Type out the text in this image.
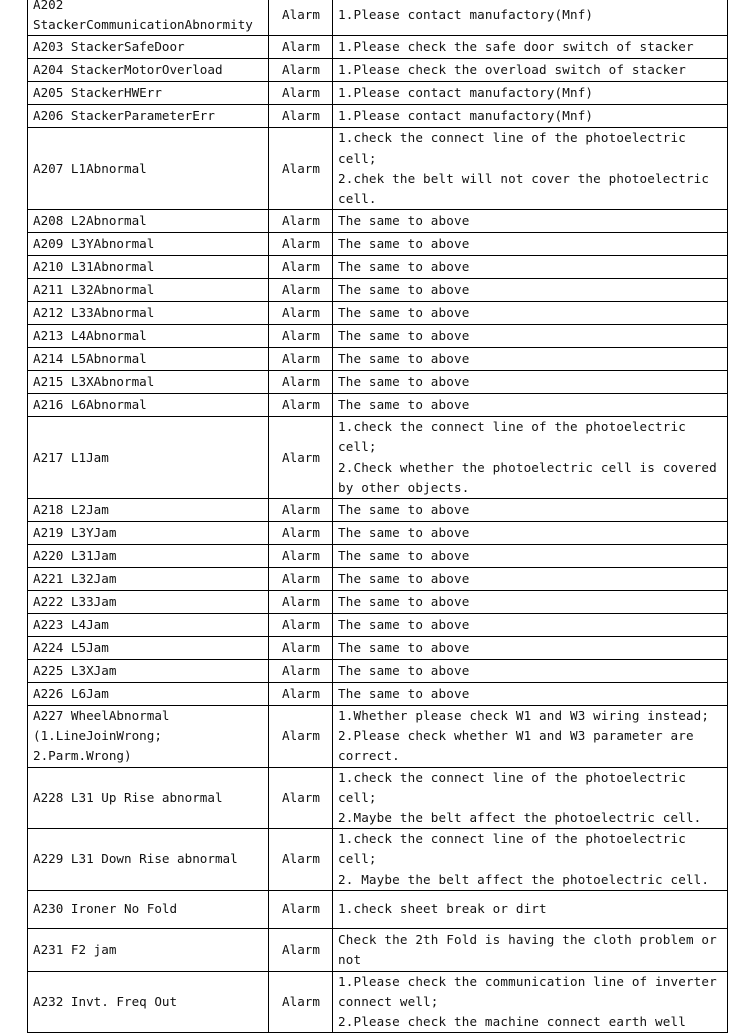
A202
StackerCommunicationAbnormity	Alarm	1.Please contact manufactory(Mnf)

A203 StackerSafeDoor	Alarm	1.Please check the safe door switch of stacker

A204 StackerMotorOverload	Alarm	1.Please check the overload switch of stacker

A205 StackerHWErr	Alarm	1.Please contact manufactory(Mnf)

A206 StackerParameterErr	Alarm	1.Please contact manufactory(Mnf)

A207 L1Abnormal	Alarm	1.check the connect line of the photoelectric
cell;
2.chek the belt will not cover the photoelectric
cell.

A208 L2Abnormal	Alarm	The same to above

A209 L3YAbnormal	Alarm	The same to above

A210 L31Abnormal	Alarm	The same to above

A211 L32Abnormal	Alarm	The same to above

A212 L33Abnormal	Alarm	The same to above

A213 L4Abnormal	Alarm	The same to above

A214 L5Abnormal	Alarm	The same to above

A215 L3XAbnormal	Alarm	The same to above

A216 L6Abnormal	Alarm	The same to above

A217 L1Jam	Alarm	1.check the connect line of the photoelectric
cell;
2.Check whether the photoelectric cell is covered
by other objects.

A218 L2Jam	Alarm	The same to above

A219 L3YJam	Alarm	The same to above

A220 L31Jam	Alarm	The same to above

A221 L32Jam	Alarm	The same to above

A222 L33Jam	Alarm	The same to above

A223 L4Jam	Alarm	The same to above

A224 L5Jam	Alarm	The same to above

A225 L3XJam	Alarm	The same to above

A226 L6Jam	Alarm	The same to above

A227 WheelAbnormal
(1.LineJoinWrong;
2.Parm.Wrong)	Alarm	1.Whether please check W1 and W3 wiring instead;
2.Please check whether W1 and W3 parameter are
correct.

A228 L31 Up Rise abnormal	Alarm	1.check the connect line of the photoelectric
cell;
2.Maybe the belt affect the photoelectric cell.

A229 L31 Down Rise abnormal	Alarm	1.check the connect line of the photoelectric
cell;
2. Maybe the belt affect the photoelectric cell.

A230 Ironer No Fold	Alarm	1.check sheet break or dirt

A231 F2 jam	Alarm	Check the 2th Fold is having the cloth problem or
not

A232 Invt. Freq Out	Alarm	1.Please check the communication line of inverter
connect well;
2.Please check the machine connect earth well
